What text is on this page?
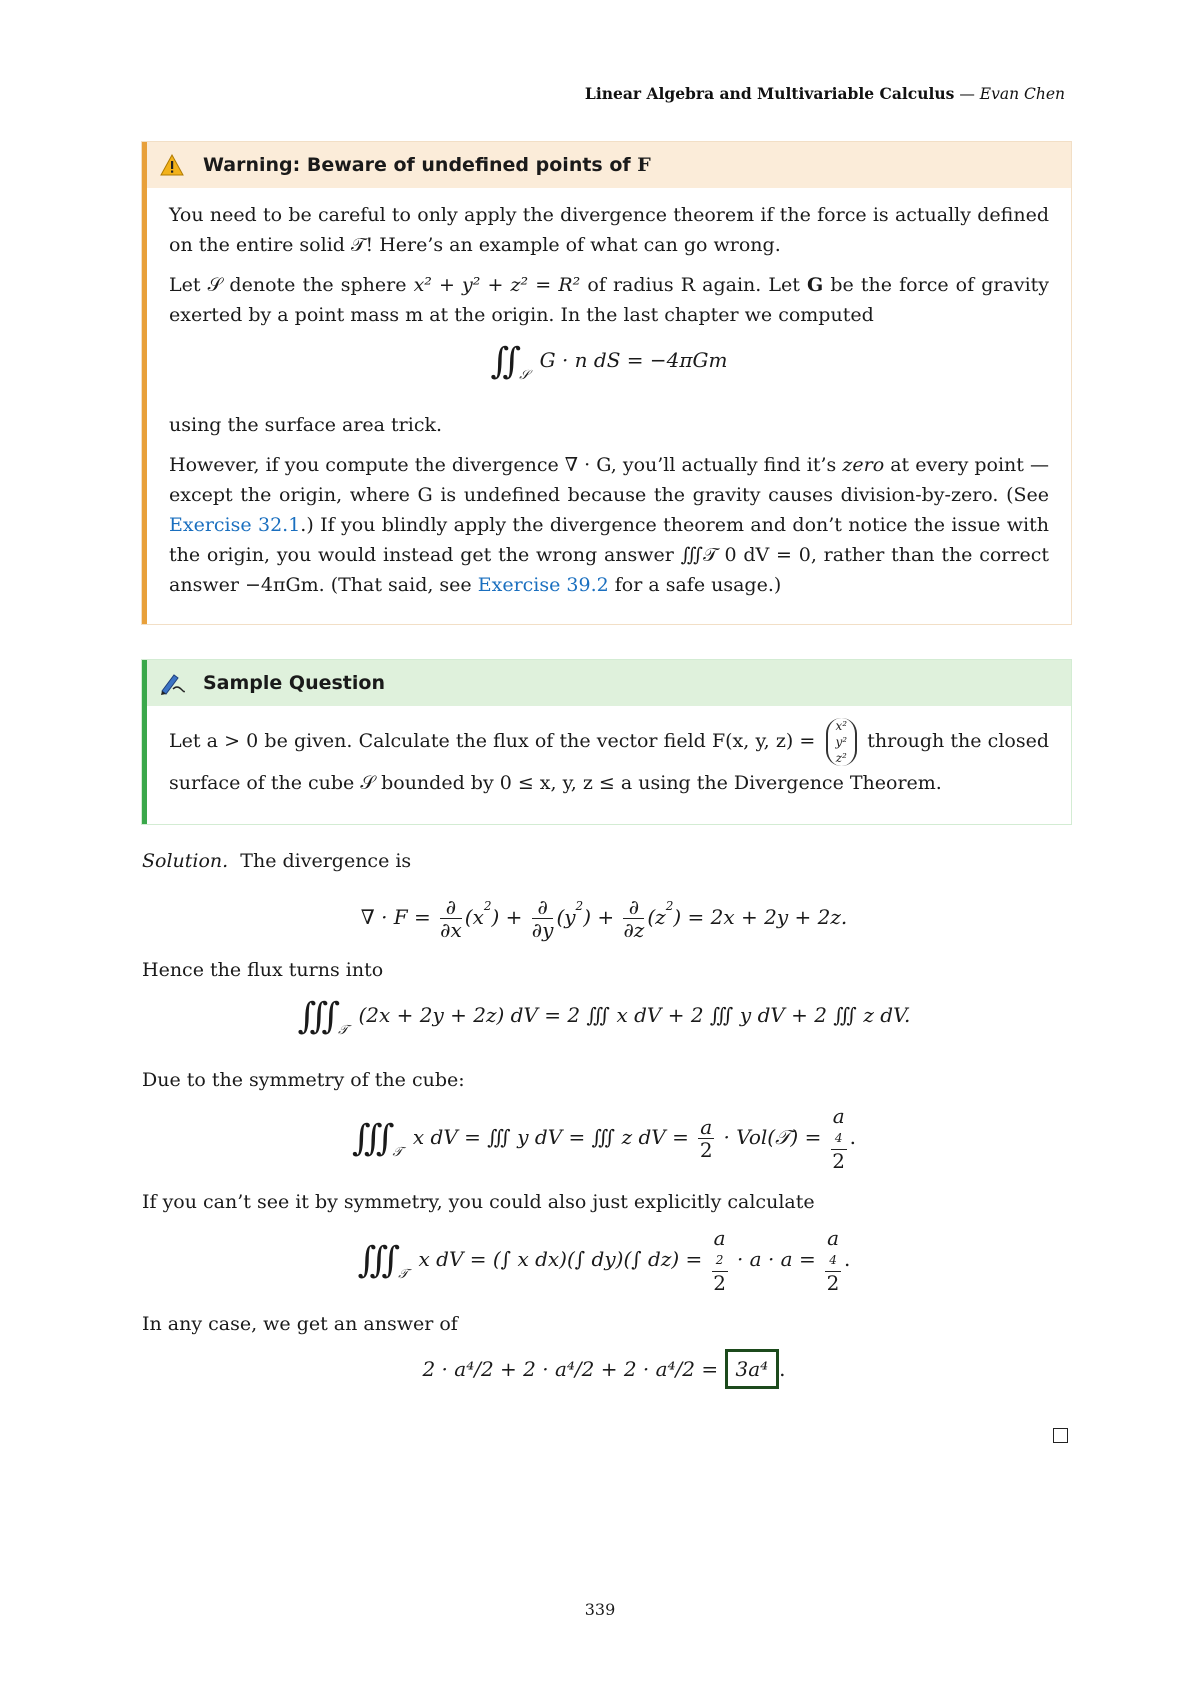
Linear Algebra and Multivariable Calculus — Evan Chen
Warning: Beware of undefined points of
F

You need to be careful to only apply the divergence theorem if the force is actually defined on the entire solid 𝒯! Here’s an example of what can go wrong.

Let 𝒮 denote the sphere x² + y² + z² = R² of radius R again. Let G be the force of gravity exerted by a point mass m at the origin. In the last chapter we computed

∬ $_𝒮$ G · n d𝑆 = −4πGm

using the surface area trick.

However, if you compute the divergence ∇ · G, you’ll actually find it’s zero at every point — except the origin, where G is undefined because the gravity causes division-by-zero. (See Exercise 32.1.) If you blindly apply the divergence theorem and don’t notice the issue with the origin, you would instead get the wrong answer ∭𝒯 0 dV = 0, rather than the correct answer −4πGm. (That said, see Exercise 39.2 for a safe usage.)

Sample Question

Let a > 0 be given. Calculate the flux of the vector field F(x, y, z) =
x²
y²
z²
through the closed surface of the cube 𝒮 bounded by 0 ≤ x, y, z ≤ a using the Divergence Theorem.

Solution. The divergence is

∇ · $F = \frac{\partial}{\partial x} (x^2) + \frac{\partial}{\partial y} (y^2) + \frac{\partial}{\partial z} (z^2) = 2x + 2y + 2z$.

Hence the flux turns into

∭ $_𝒯$ (2x + 2y + 2z) dV = 2 ∭ x dV + 2 ∭ y dV + 2 ∭ z dV.

Due to the symmetry of the cube:

∭ $_𝒯$ x dV = ∭ y dV = ∭ z dV = $\frac{a}{2}$ · Vol(𝒯) = a
4
2 .

If you can’t see it by symmetry, you could also just explicitly calculate

∭ $_𝒯$ x dV = (∫ x dx)(∫ dy)(∫ dz) = a
2
2 · a · a = a
4
2 .

In any case, we get an answer of

2 · a⁴/2 + 2 · a⁴/2 + 2 · a⁴/2 = 3a⁴ .
339
